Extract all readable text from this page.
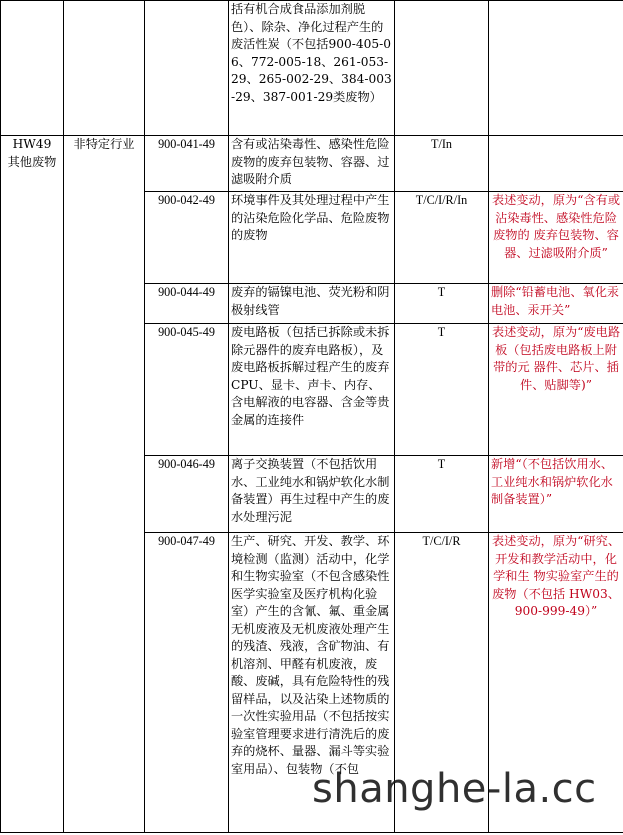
			括有机合成食品添加剂脱色）、除杂、净化过程产生的废活性炭（不包括900-405-06、772-005-18、261-053-29、265-002-29、384-003-29、387-001-29类废物）		

HW49
其他废物	非特定行业	900-041-49	含有或沾染毒性、感染性危险废物的废弃包装物、容器、过滤吸附介质	T/In	
		900-042-49	环境事件及其处理过程中产生的沾染危险化学品、危险废物的废物	T/C/I/R/In	表述变动，原为“含有或沾染毒性、感染性危险废物的 废弃包装物、容器、过滤吸附介质”
		900-044-49	废弃的镉镍电池、荧光粉和阴极射线管	T	删除“铅蓄电池、氧化汞 电池、汞开关”
		900-045-49	废电路板（包括已拆除或未拆除元器件的废弃电路板），及废电路板拆解过程产生的废弃CPU、显卡、声卡、内存、含电解液的电容器、含金等贵金属的连接件	T	表述变动，原为“废电路板（包括废电路板上附带的元 器件、芯片、插件、贴脚等)”
		900-046-49	离子交换装置（不包括饮用水、工业纯水和锅炉软化水制备装置）再生过程中产生的废水处理污泥	T	新增“（不包括饮用水、工业纯水和锅炉软化水制备装置）”
		900-047-49	生产、研究、开发、教学、环境检测（监测）活动中，化学和生物实验室（不包含感染性医学实验室及医疗机构化验室）产生的含氰、氟、重金属无机废液及无机废液处理产生的残渣、残液，含矿物油、有机溶剂、甲醛有机废液，废酸、废碱，具有危险特性的残留样品，以及沾染上述物质的一次性实验用品（不包括按实验室管理要求进行清洗后的废弃的烧杯、量器、漏斗等实验室用品）、包装物（不包	T/C/I/R	表述变动，原为“研究、开发和教学活动中，化学和生 物实验室产生的废物（不包括 HW03、900-999-49）”
shanghe-la.cc
